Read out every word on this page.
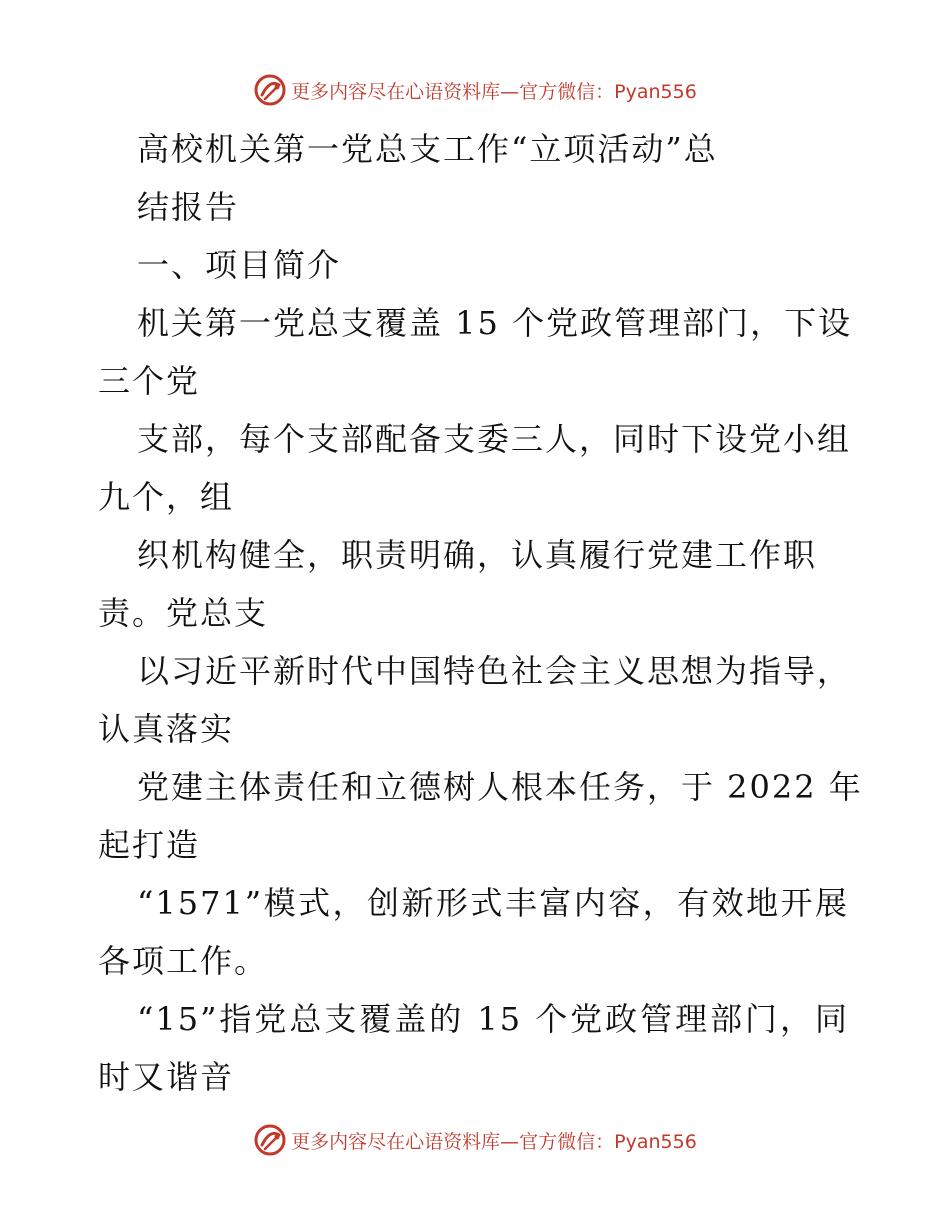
更多内容尽在心语资料库—官方微信：Pyan556
高校机关第一党总支工作“立项活动”总
结报告
一、项目简介
机关第一党总支覆盖 15 个党政管理部门，下设
三个党
支部，每个支部配备支委三人，同时下设党小组
九个，组
织机构健全，职责明确，认真履行党建工作职
责。党总支
以习近平新时代中国特色社会主义思想为指导，
认真落实
党建主体责任和立德树人根本任务，于 2022 年
起打造
“1571”模式，创新形式丰富内容，有效地开展
各项工作。
“15”指党总支覆盖的 15 个党政管理部门，同
时又谐音
更多内容尽在心语资料库—官方微信：Pyan556
